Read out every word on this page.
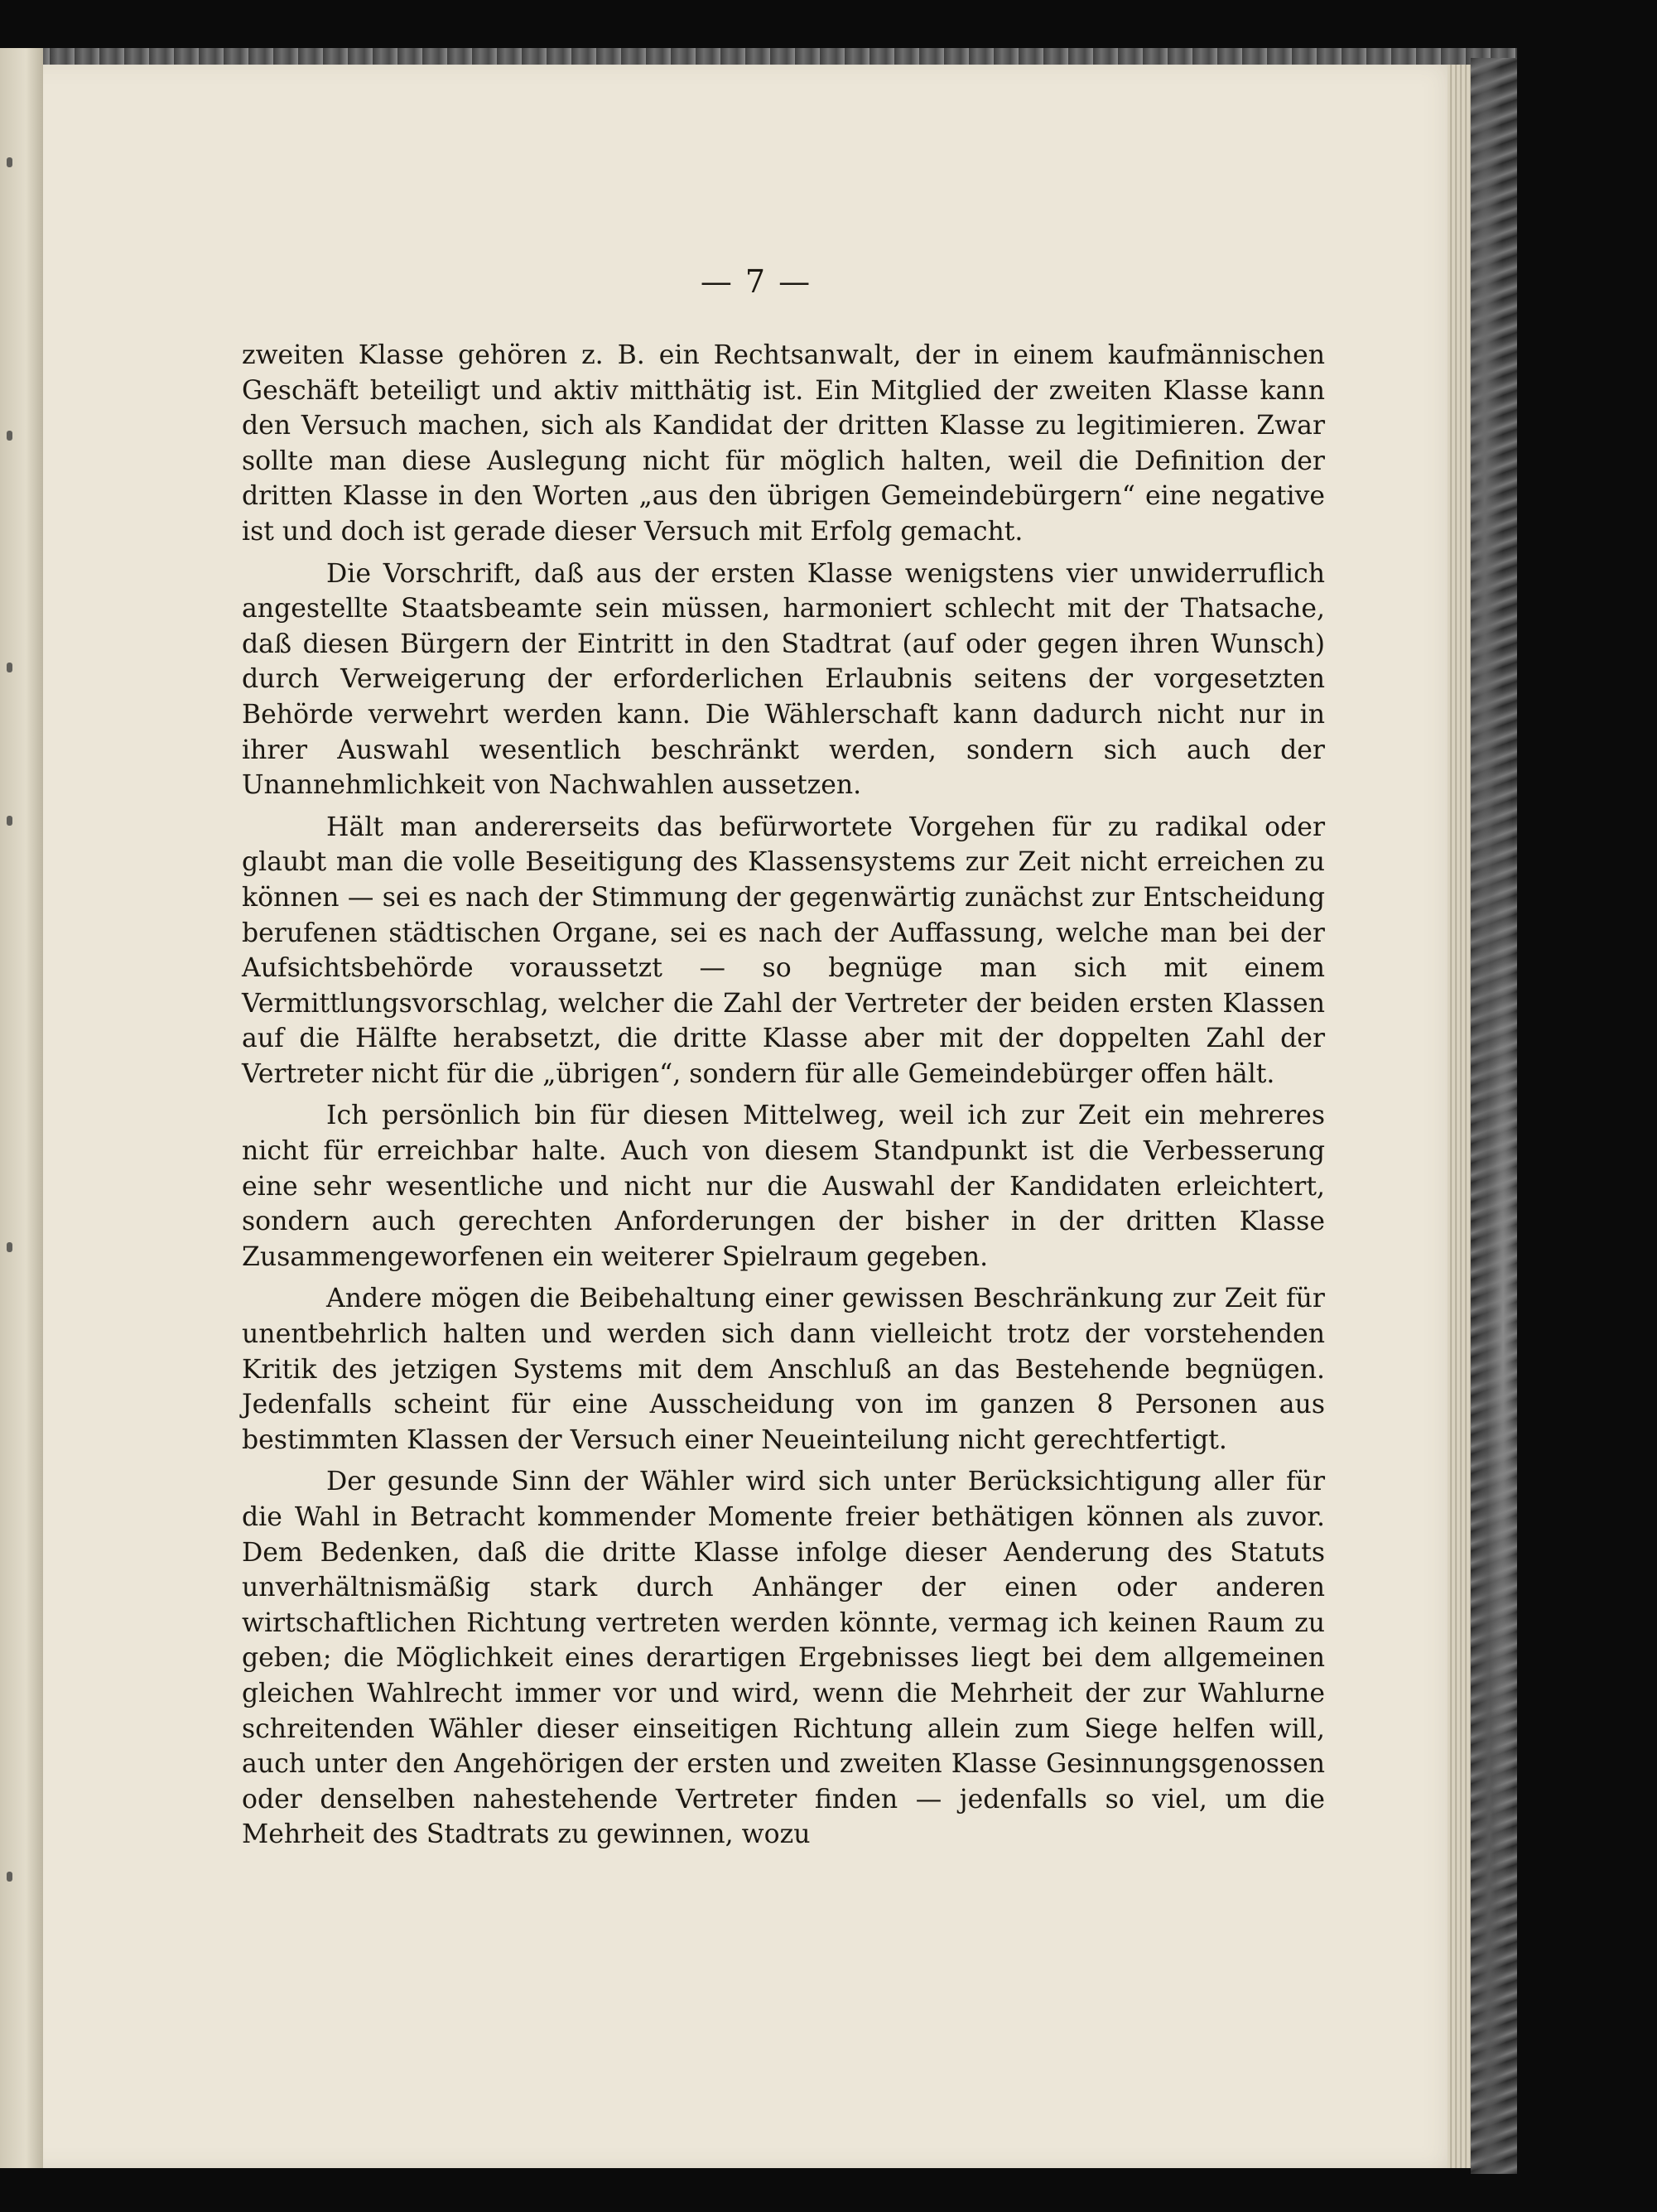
— 7 —

zweiten Klasse gehören z. B. ein Rechtsanwalt, der in einem kaufmännischen Geschäft beteiligt und aktiv mitthätig ist. Ein Mitglied der zweiten Klasse kann den Versuch machen, sich als Kandidat der dritten Klasse zu legitimieren. Zwar sollte man diese Auslegung nicht für möglich halten, weil die Definition der dritten Klasse in den Worten „aus den übrigen Gemeindebürgern“ eine negative ist und doch ist gerade dieser Versuch mit Erfolg gemacht.

Die Vorschrift, daß aus der ersten Klasse wenigstens vier unwiderruflich angestellte Staatsbeamte sein müssen, harmoniert schlecht mit der Thatsache, daß diesen Bürgern der Eintritt in den Stadtrat (auf oder gegen ihren Wunsch) durch Verweigerung der erforderlichen Erlaubnis seitens der vorgesetzten Behörde verwehrt werden kann. Die Wählerschaft kann dadurch nicht nur in ihrer Auswahl wesentlich beschränkt werden, sondern sich auch der Unannehmlichkeit von Nachwahlen aussetzen.

Hält man andererseits das befürwortete Vorgehen für zu radikal oder glaubt man die volle Beseitigung des Klassensystems zur Zeit nicht erreichen zu können — sei es nach der Stimmung der gegenwärtig zunächst zur Entscheidung berufenen städtischen Organe, sei es nach der Auffassung, welche man bei der Aufsichtsbehörde voraussetzt — so begnüge man sich mit einem Vermittlungsvorschlag, welcher die Zahl der Vertreter der beiden ersten Klassen auf die Hälfte herabsetzt, die dritte Klasse aber mit der doppelten Zahl der Vertreter nicht für die „übrigen“, sondern für alle Gemeindebürger offen hält.

Ich persönlich bin für diesen Mittelweg, weil ich zur Zeit ein mehreres nicht für erreichbar halte. Auch von diesem Standpunkt ist die Verbesserung eine sehr wesentliche und nicht nur die Auswahl der Kandidaten erleichtert, sondern auch gerechten Anforderungen der bisher in der dritten Klasse Zusammengeworfenen ein weiterer Spielraum gegeben.

Andere mögen die Beibehaltung einer gewissen Beschränkung zur Zeit für unentbehrlich halten und werden sich dann vielleicht trotz der vorstehenden Kritik des jetzigen Systems mit dem Anschluß an das Bestehende begnügen. Jedenfalls scheint für eine Ausscheidung von im ganzen 8 Personen aus bestimmten Klassen der Versuch einer Neueinteilung nicht gerechtfertigt.

Der gesunde Sinn der Wähler wird sich unter Berücksichtigung aller für die Wahl in Betracht kommender Momente freier bethätigen können als zuvor. Dem Bedenken, daß die dritte Klasse infolge dieser Aenderung des Statuts unverhältnismäßig stark durch Anhänger der einen oder anderen wirtschaftlichen Richtung vertreten werden könnte, vermag ich keinen Raum zu geben; die Möglichkeit eines derartigen Ergebnisses liegt bei dem allgemeinen gleichen Wahlrecht immer vor und wird, wenn die Mehrheit der zur Wahlurne schreitenden Wähler dieser einseitigen Richtung allein zum Siege helfen will, auch unter den Angehörigen der ersten und zweiten Klasse Gesinnungsgenossen oder denselben nahestehende Vertreter finden — jedenfalls so viel, um die Mehrheit des Stadtrats zu gewinnen, wozu
